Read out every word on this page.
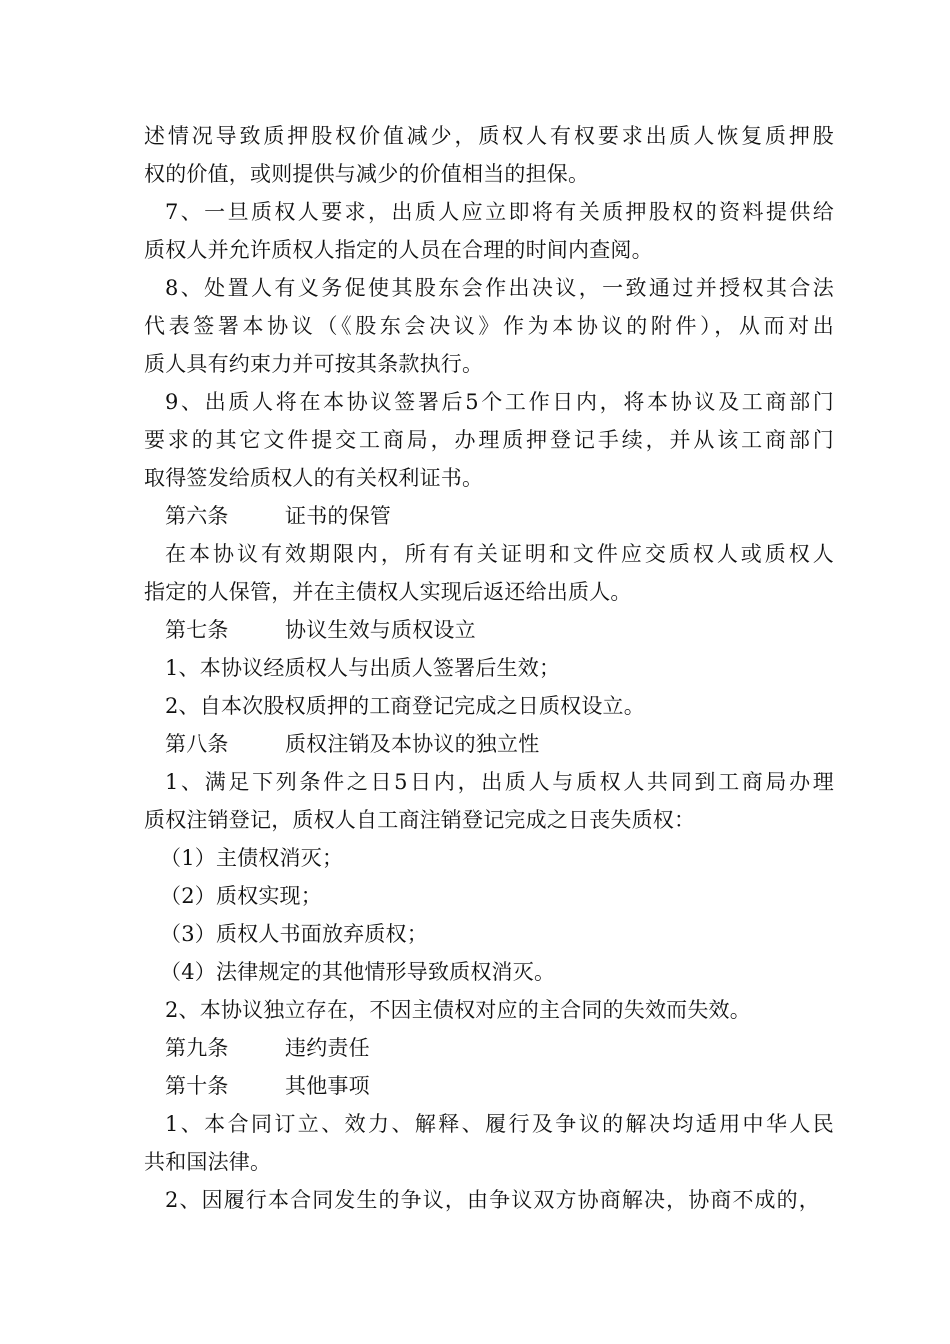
述情况导致质押股权价值减少，质权人有权要求出质人恢复质押股
权的价值，或则提供与减少的价值相当的担保。
7、一旦质权人要求，出质人应立即将有关质押股权的资料提供给
质权人并允许质权人指定的人员在合理的时间内查阅。
8、处置人有义务促使其股东会作出决议，一致通过并授权其合法
代表签署本协议（《股东会决议》作为本协议的附件），从而对出
质人具有约束力并可按其条款执行。
9、出质人将在本协议签署后5个工作日内，将本协议及工商部门
要求的其它文件提交工商局，办理质押登记手续，并从该工商部门
取得签发给质权人的有关权利证书。
第六条	证书的保管
在本协议有效期限内，所有有关证明和文件应交质权人或质权人
指定的人保管，并在主债权人实现后返还给出质人。
第七条	协议生效与质权设立
1、本协议经质权人与出质人签署后生效；
2、自本次股权质押的工商登记完成之日质权设立。
第八条	质权注销及本协议的独立性
1、满足下列条件之日5日内，出质人与质权人共同到工商局办理
质权注销登记，质权人自工商注销登记完成之日丧失质权：
（1）主债权消灭；
（2）质权实现；
（3）质权人书面放弃质权；
（4）法律规定的其他情形导致质权消灭。
2、本协议独立存在，不因主债权对应的主合同的失效而失效。
第九条	违约责任
第十条	其他事项
1、本合同订立、效力、解释、履行及争议的解决均适用中华人民
共和国法律。
2、因履行本合同发生的争议，由争议双方协商解决，协商不成的，
